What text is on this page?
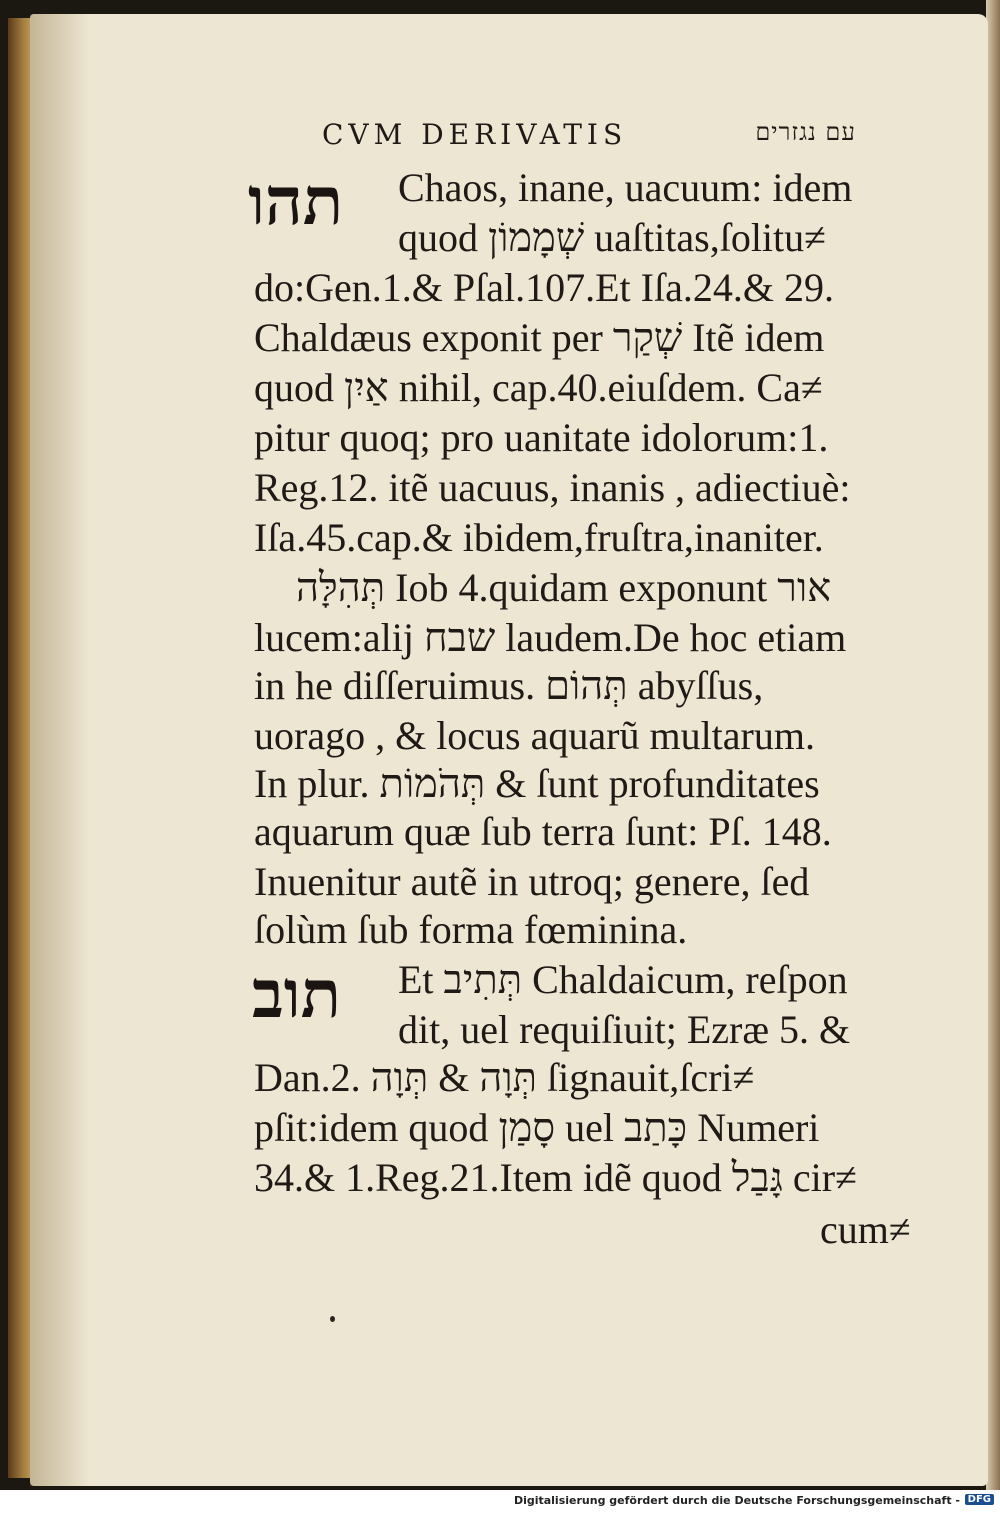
CVM DERIVATIS	עם נגזרים
תהו
תוב
Chaos, inane, uacuum: idem
quod שְׁמָמוֹן uaſtitas,ſolitu≠
do:Gen.1.& Pſal.107.Et Iſa.24.& 29.
Chaldæus exponit per שְׁקַר Itẽ idem
quod אַיִן nihil, cap.40.eiuſdem. Ca≠
pitur quoq; pro uanitate idolorum:1.
Reg.12. itẽ uacuus, inanis , adiectiuè:
Iſa.45.cap.& ibidem,fruſtra,inaniter.
תְּהִלָּה Iob 4.quidam exponunt אור
lucem:alij שבח laudem.De hoc etiam
in he diſſeruimus. תְּהוֹם abyſſus,
uorago , & locus aquarũ multarum.
In plur. תְּהֹמוֹת & ſunt profunditates
aquarum quæ ſub terra ſunt: Pſ. 148.
Inuenitur autẽ in utroq; genere, ſed
ſolùm ſub forma fœminina.
Et תְּתִיב Chaldaicum, reſpon
dit, uel requiſiuit; Ezræ 5. &
Dan.2. תְּוָה & תְּוָה ſignauit,ſcri≠
pſit:idem quod סָמַן uel כָּתַב Numeri
34.& 1.Reg.21.Item idẽ quod גָּבַל cir≠
cum≠
Digitalisierung gefördert durch die Deutsche Forschungsgemeinschaft - DFG
